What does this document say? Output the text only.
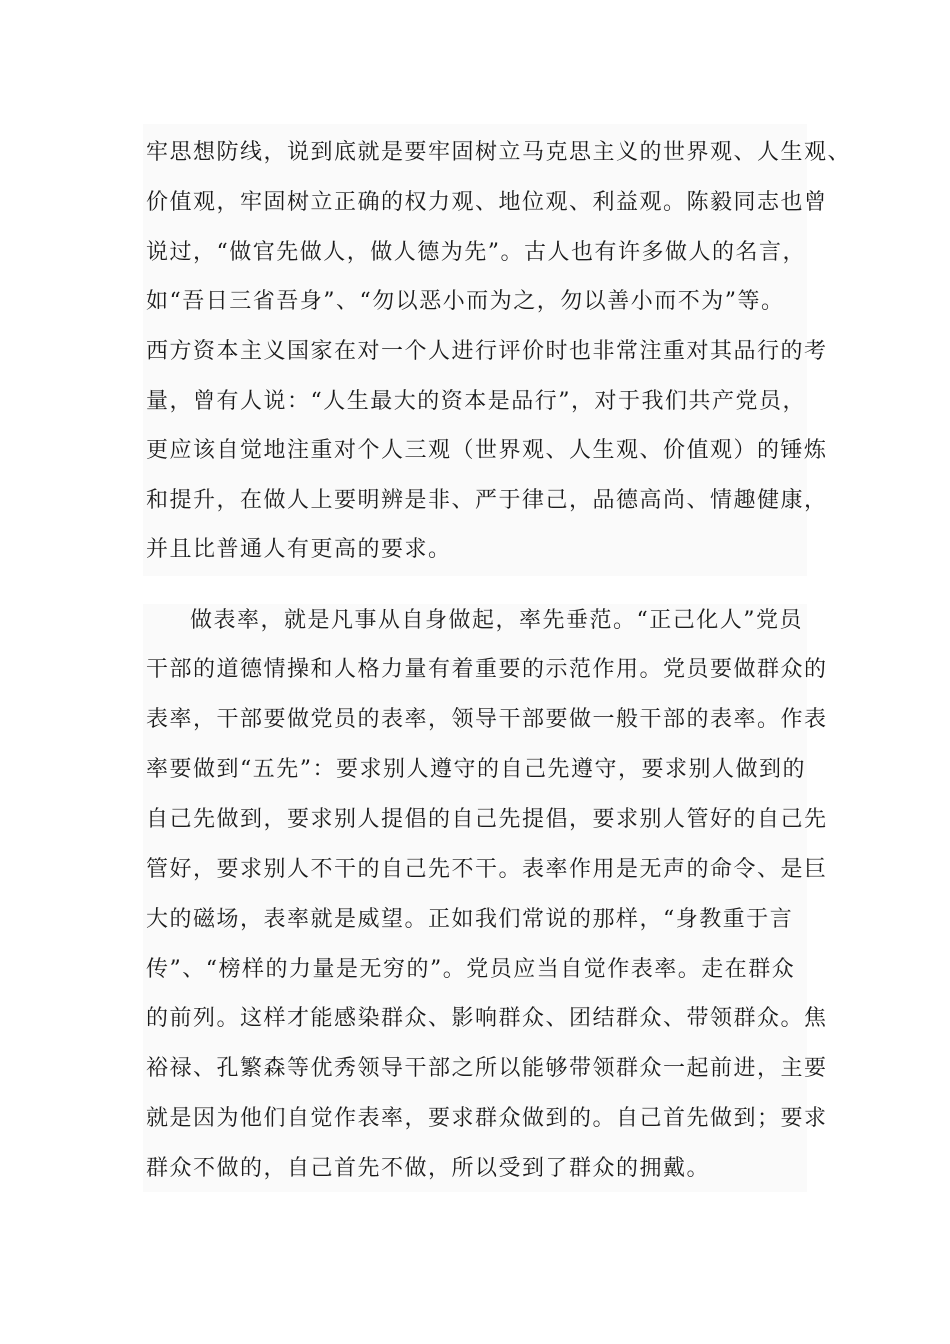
牢思想防线，说到底就是要牢固树立马克思主义的世界观、人生观、
价值观，牢固树立正确的权力观、地位观、利益观。陈毅同志也曾
说过，“做官先做人，做人德为先”。古人也有许多做人的名言，
如“吾日三省吾身”、“勿以恶小而为之，勿以善小而不为”等。
西方资本主义国家在对一个人进行评价时也非常注重对其品行的考
量，曾有人说：“人生最大的资本是品行”，对于我们共产党员，
更应该自觉地注重对个人三观（世界观、人生观、价值观）的锤炼
和提升，在做人上要明辨是非、严于律己，品德高尚、情趣健康，
并且比普通人有更高的要求。
做表率，就是凡事从自身做起，率先垂范。“正己化人”党员
干部的道德情操和人格力量有着重要的示范作用。党员要做群众的
表率，干部要做党员的表率，领导干部要做一般干部的表率。作表
率要做到“五先”：要求别人遵守的自己先遵守，要求别人做到的
自己先做到，要求别人提倡的自己先提倡，要求别人管好的自己先
管好，要求别人不干的自己先不干。表率作用是无声的命令、是巨
大的磁场，表率就是威望。正如我们常说的那样，“身教重于言
传”、“榜样的力量是无穷的”。党员应当自觉作表率。走在群众
的前列。这样才能感染群众、影响群众、团结群众、带领群众。焦
裕禄、孔繁森等优秀领导干部之所以能够带领群众一起前进，主要
就是因为他们自觉作表率，要求群众做到的。自己首先做到；要求
群众不做的，自己首先不做，所以受到了群众的拥戴。
